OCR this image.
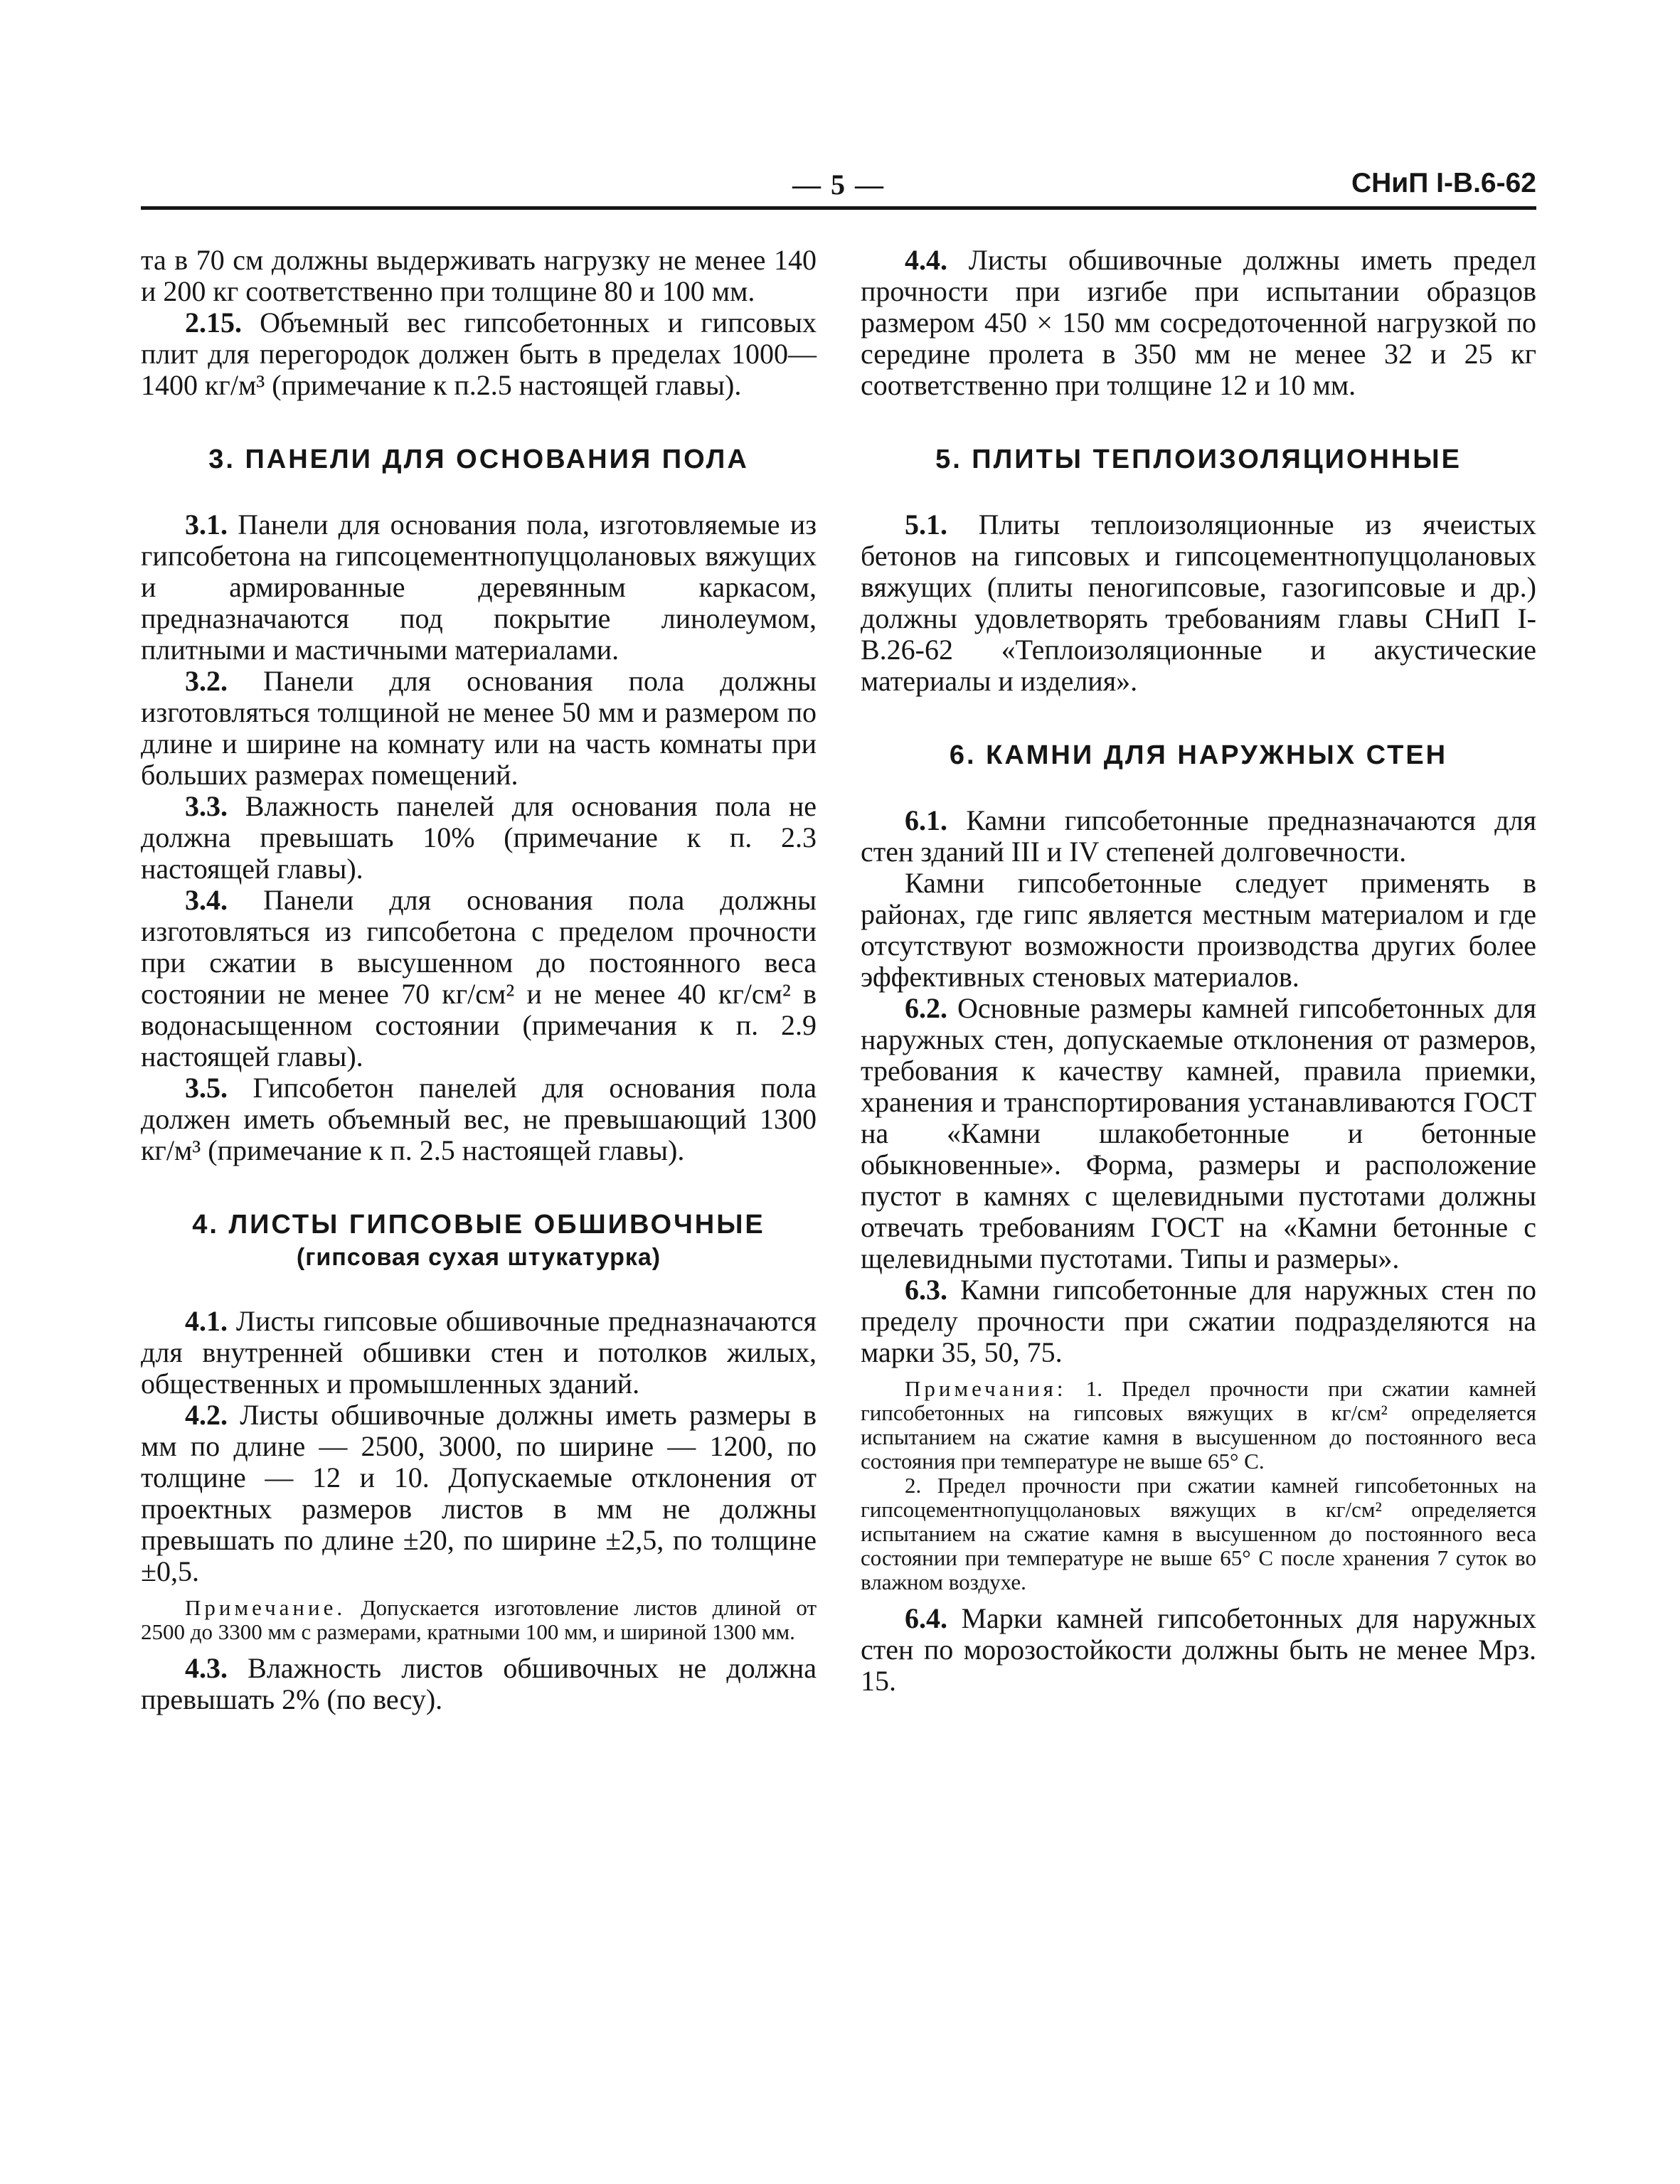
— 5 —	СНиП I-В.6-62

та в 70 см должны выдерживать нагрузку не менее 140 и 200 кг соответственно при толщине 80 и 100 мм.

2.15. Объемный вес гипсобетонных и гипсовых плит для перегородок должен быть в пределах 1000—1400 кг/м³ (примечание к п.2.5 настоящей главы).

3. ПАНЕЛИ ДЛЯ ОСНОВАНИЯ ПОЛА

3.1. Панели для основания пола, изготовляемые из гипсобетона на гипсоцементнопуццолановых вяжущих и армированные деревянным каркасом, предназначаются под покрытие линолеумом, плитными и мастичными материалами.

3.2. Панели для основания пола должны изготовляться толщиной не менее 50 мм и размером по длине и ширине на комнату или на часть комнаты при больших размерах помещений.

3.3. Влажность панелей для основания пола не должна превышать 10% (примечание к п. 2.3 настоящей главы).

3.4. Панели для основания пола должны изготовляться из гипсобетона с пределом прочности при сжатии в высушенном до постоянного веса состоянии не менее 70 кг/см² и не менее 40 кг/см² в водонасыщенном состоянии (примечания к п. 2.9 настоящей главы).

3.5. Гипсобетон панелей для основания пола должен иметь объемный вес, не превышающий 1300 кг/м³ (примечание к п. 2.5 настоящей главы).

4. ЛИСТЫ ГИПСОВЫЕ ОБШИВОЧНЫЕ
(гипсовая сухая штукатурка)

4.1. Листы гипсовые обшивочные предназначаются для внутренней обшивки стен и потолков жилых, общественных и промышленных зданий.

4.2. Листы обшивочные должны иметь размеры в мм по длине — 2500, 3000, по ширине — 1200, по толщине — 12 и 10. Допускаемые отклонения от проектных размеров листов в мм не должны превышать по длине ±20, по ширине ±2,5, по толщине ±0,5.

Примечание. Допускается изготовление листов длиной от 2500 до 3300 мм с размерами, кратными 100 мм, и шириной 1300 мм.

4.3. Влажность листов обшивочных не должна превышать 2% (по весу).

4.4. Листы обшивочные должны иметь предел прочности при изгибе при испытании образцов размером 450 × 150 мм сосредоточенной нагрузкой по середине пролета в 350 мм не менее 32 и 25 кг соответственно при толщине 12 и 10 мм.

5. ПЛИТЫ ТЕПЛОИЗОЛЯЦИОННЫЕ

5.1. Плиты теплоизоляционные из ячеистых бетонов на гипсовых и гипсоцементнопуццолановых вяжущих (плиты пеногипсовые, газогипсовые и др.) должны удовлетворять требованиям главы СНиП I-В.26-62 «Теплоизоляционные и акустические материалы и изделия».

6. КАМНИ ДЛЯ НАРУЖНЫХ СТЕН

6.1. Камни гипсобетонные предназначаются для стен зданий III и IV степеней долговечности.

Камни гипсобетонные следует применять в районах, где гипс является местным материалом и где отсутствуют возможности производства других более эффективных стеновых материалов.

6.2. Основные размеры камней гипсобетонных для наружных стен, допускаемые отклонения от размеров, требования к качеству камней, правила приемки, хранения и транспортирования устанавливаются ГОСТ на «Камни шлакобетонные и бетонные обыкновенные». Форма, размеры и расположение пустот в камнях с щелевидными пустотами должны отвечать требованиям ГОСТ на «Камни бетонные с щелевидными пустотами. Типы и размеры».

6.3. Камни гипсобетонные для наружных стен по пределу прочности при сжатии подразделяются на марки 35, 50, 75.

Примечания: 1. Предел прочности при сжатии камней гипсобетонных на гипсовых вяжущих в кг/см² определяется испытанием на сжатие камня в высушенном до постоянного веса состояния при температуре не выше 65° С.

2. Предел прочности при сжатии камней гипсобетонных на гипсоцементнопуццолановых вяжущих в кг/см² определяется испытанием на сжатие камня в высушенном до постоянного веса состоянии при температуре не выше 65° С после хранения 7 суток во влажном воздухе.

6.4. Марки камней гипсобетонных для наружных стен по морозостойкости должны быть не менее Мрз. 15.
